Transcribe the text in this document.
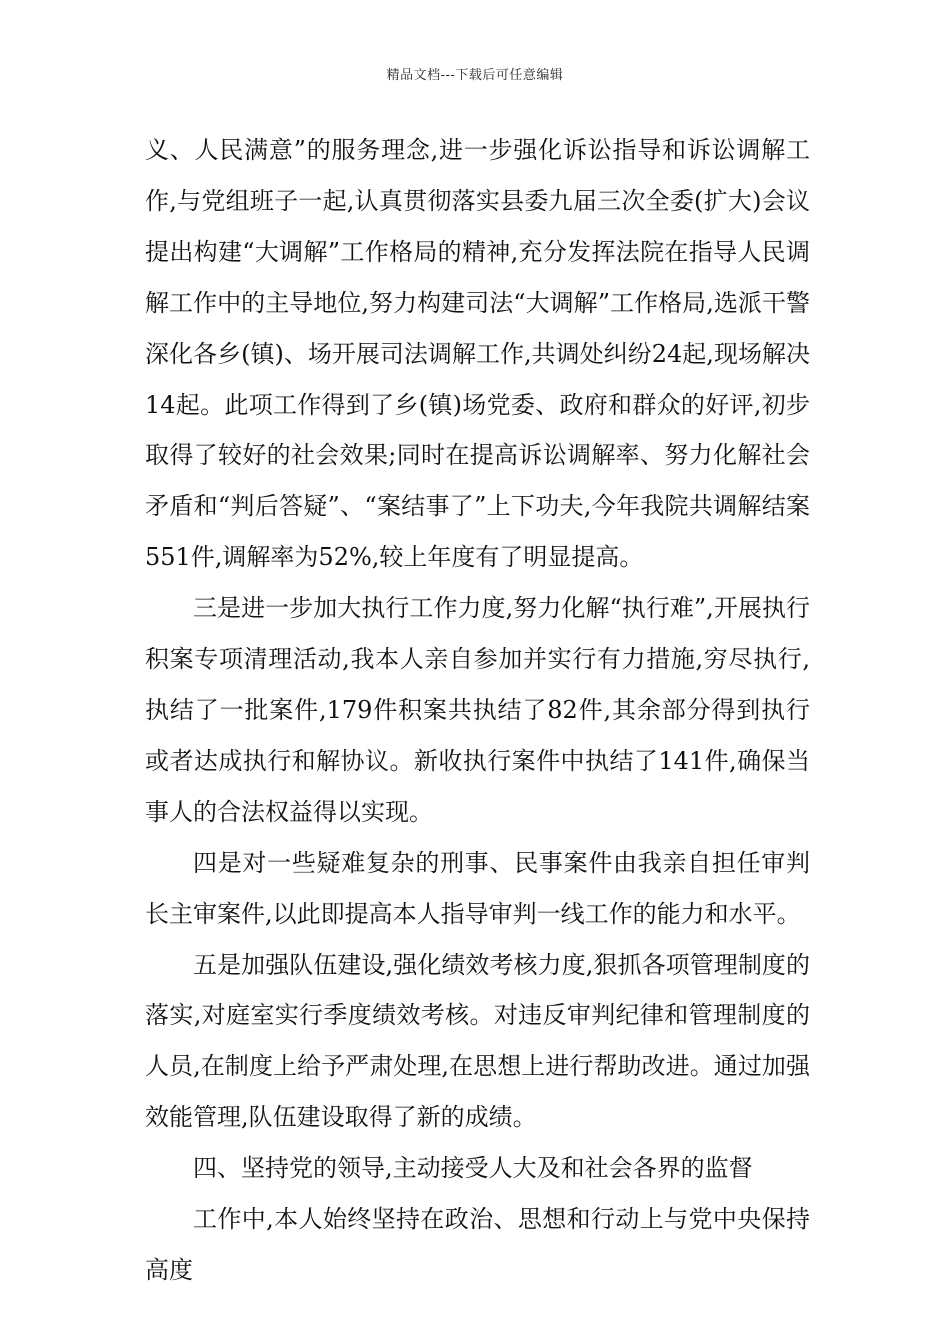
精品文档---下载后可任意编辑

义、人民满意”的服务理念,进一步强化诉讼指导和诉讼调解工作,与党组班子一起,认真贯彻落实县委九届三次全委(扩大)会议提出构建“大调解”工作格局的精神,充分发挥法院在指导人民调解工作中的主导地位,努力构建司法“大调解”工作格局,选派干警深化各乡(镇)、场开展司法调解工作,共调处纠纷24起,现场解决14起。此项工作得到了乡(镇)场党委、政府和群众的好评,初步取得了较好的社会效果;同时在提高诉讼调解率、努力化解社会矛盾和“判后答疑”、“案结事了”上下功夫,今年我院共调解结案551件,调解率为52%,较上年度有了明显提高。

三是进一步加大执行工作力度,努力化解“执行难”,开展执行积案专项清理活动,我本人亲自参加并实行有力措施,穷尽执行,执结了一批案件,179件积案共执结了82件,其余部分得到执行或者达成执行和解协议。新收执行案件中执结了141件,确保当事人的合法权益得以实现。

四是对一些疑难复杂的刑事、民事案件由我亲自担任审判长主审案件,以此即提高本人指导审判一线工作的能力和水平。

五是加强队伍建设,强化绩效考核力度,狠抓各项管理制度的落实,对庭室实行季度绩效考核。对违反审判纪律和管理制度的人员,在制度上给予严肃处理,在思想上进行帮助改进。通过加强效能管理,队伍建设取得了新的成绩。

四、坚持党的领导,主动接受人大及和社会各界的监督

工作中,本人始终坚持在政治、思想和行动上与党中央保持高度
